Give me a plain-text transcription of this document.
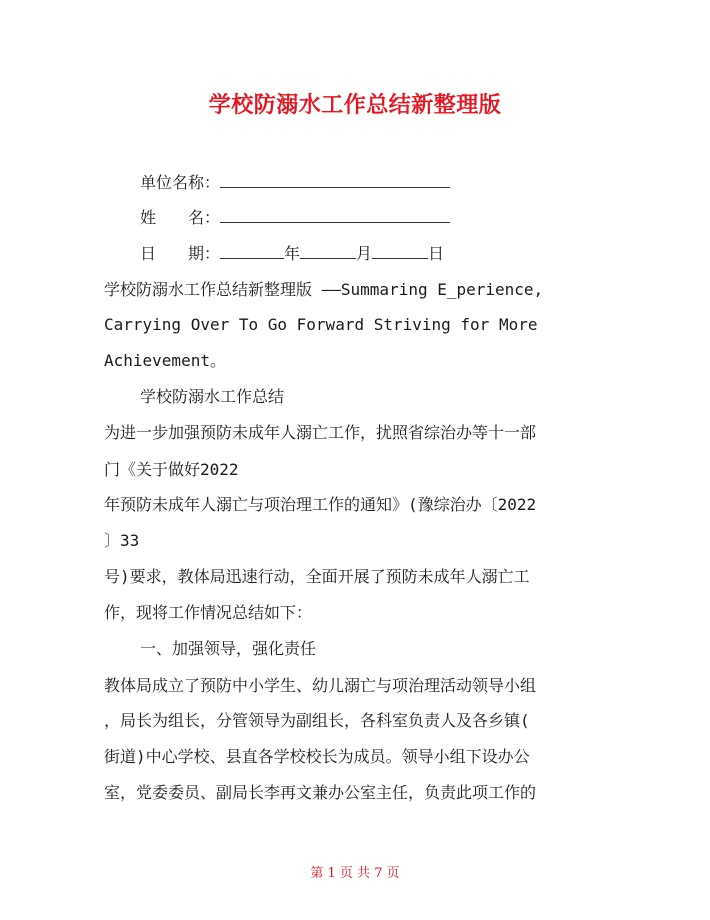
学校防溺水工作总结新整理版
单位名称：
姓　　名：
日　　期：	年	月	日
学校防溺水工作总结新整理版 ——Summaring E_perience,
Carrying Over To Go Forward Striving for More
Achievement。
学校防溺水工作总结
为进一步加强预防未成年人溺亡工作，扰照省综治办等十一部
门《关于做好2022
年预防未成年人溺亡与项治理工作的通知》(豫综治办〔2022
〕33
号)要求，教体局迅速行动，全面开展了预防未成年人溺亡工
作，现将工作情况总结如下：
一、加强领导，强化责任
教体局成立了预防中小学生、幼儿溺亡与项治理活动领导小组
，局长为组长，分管领导为副组长，各科室负责人及各乡镇(
街道)中心学校、县直各学校校长为成员。领导小组下设办公
室，党委委员、副局长李再文兼办公室主任，负责此项工作的
第 1 页 共 7 页
